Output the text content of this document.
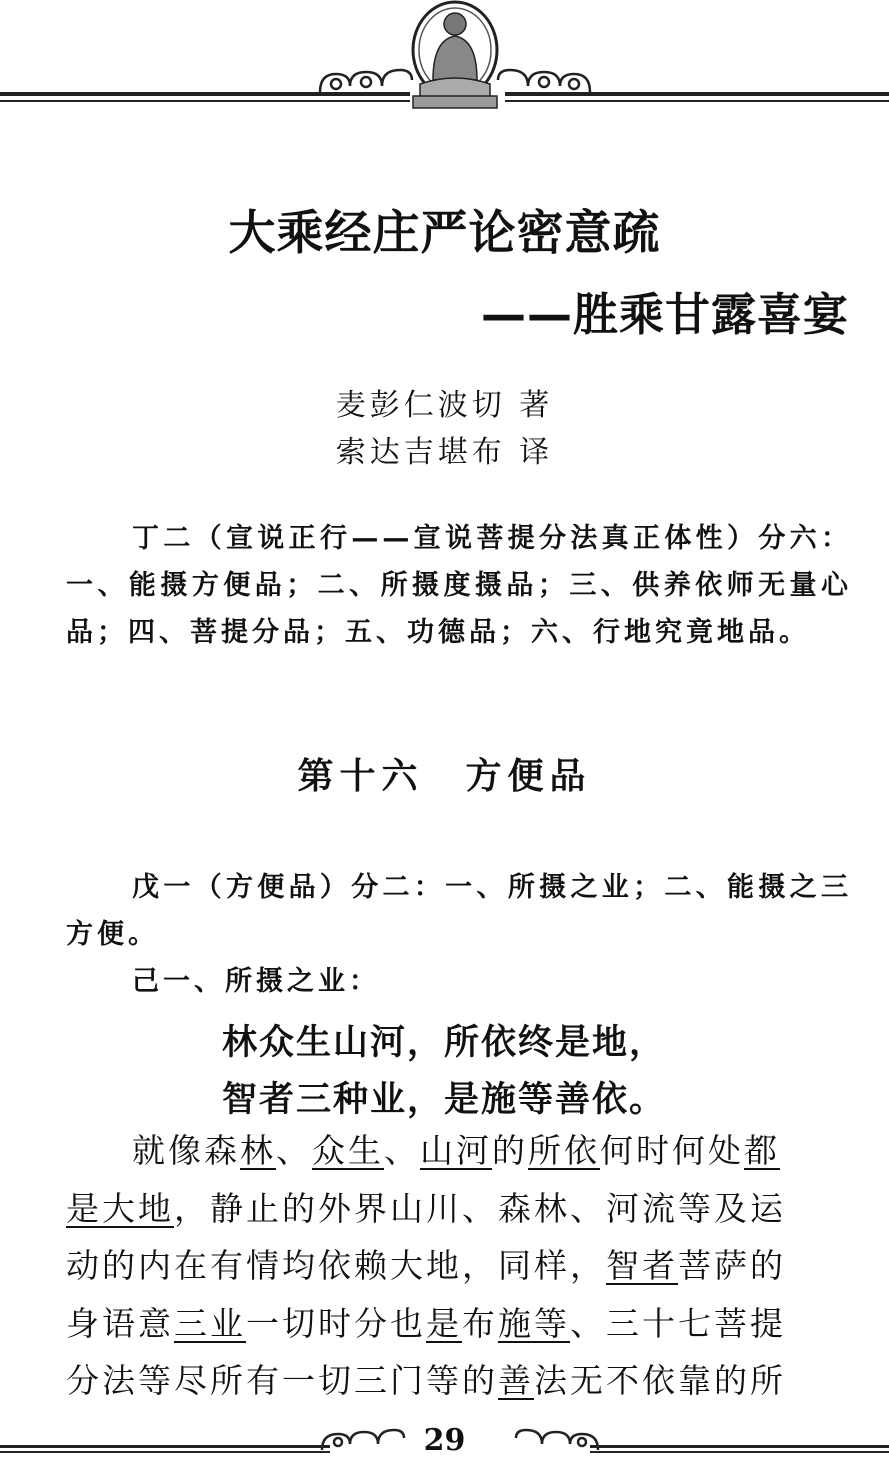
大乘经庄严论密意疏
——胜乘甘露喜宴
麦彭仁波切 著
索达吉堪布 译

丁二（宣说正行——宣说菩提分法真正体性）分六：一、能摄方便品；二、所摄度摄品；三、供养依师无量心品；四、菩提分品；五、功德品；六、行地究竟地品。

第十六　方便品

戊一（方便品）分二：一、所摄之业；二、能摄之三方便。

己一、所摄之业：

林众生山河，所依终是地，

智者三种业，是施等善依。

就像森林、众生、山河的所依何时何处都
是大地，静止的外界山川、森林、河流等及运
动的内在有情均依赖大地，同样，智者菩萨的
身语意三业一切时分也是布施等、三十七菩提
分法等尽所有一切三门等的善法无不依靠的所
29
